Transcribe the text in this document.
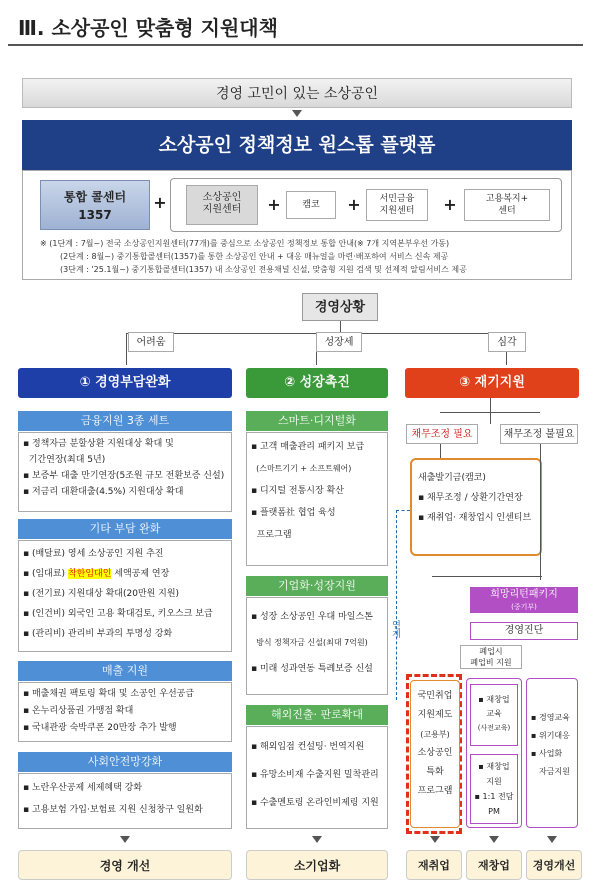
Ⅲ. 소상공인 맞춤형 지원대책
경영 고민이 있는 소상공인
소상공인 정책정보 원스톱 플랫폼
통합 콜센터
1357
+	소상공인
지원센터	+	캠코	+	서민금융
지원센터	+	고용복지+
센터
※ (1단계 : 7월~) 전국 소상공인지원센터(77개)를 중심으로 소상공인 정책정보 통합 안내(※ 7개 지역본부우선 가동)
(2단계 : 8월~) 중기통합콜센터(1357)를 통한 소상공인 안내 + 대응 매뉴얼을 마련·배포하여 서비스 신속 제공
(3단계 : '25.1월~) 중기통합콜센터(1357) 내 소상공인 전용채널 신설, 맞춤형 지원 검색 및 선제적 알림서비스 제공
경영상황
어려움	성장세	심각
① 경영부담완화	② 성장촉진	③ 재기지원
금융지원 3종 세트
▪ 정책자금 분할상환 지원대상 확대 및
기간연장(최대 5년)
▪ 보증부 대출 만기연장(5조원 규모 전환보증 신설)
▪ 저금리 대환대출(4.5%) 지원대상 확대
기타 부담 완화
▪ (배달료) 영세 소상공인 지원 추진
▪ (임대료) 착한임대인 세액공제 연장
▪ (전기료) 지원대상 확대(20만원 지원)
▪ (인건비) 외국인 고용 확대검토, 키오스크 보급
▪ (관리비) 관리비 부과의 투명성 강화
매출 지원
▪ 매출채권 팩토링 확대 및 소공인 우선공급
▪ 온누리상품권 가맹점 확대
▪ 국내관광 숙박쿠폰 20만장 추가 발행
사회안전망강화
▪ 노란우산공제 세제혜택 강화
▪ 고용보험 가입·보험료 지원 신청창구 일원화
경영 개선
스마트·디지털화
▪ 고객 매출관리 패키지 보급
(스마트기기 + 소프트웨어)
▪ 디지털 전통시장 확산
▪ 플랫폼社 협업 육성
프로그램
기업화·성장지원
▪ 성장 소상공인 우대 마일스톤
방식 정책자금 신설(최대 7억원)
▪ 미래 성과연동 특례보증 신설
해외진출· 판로확대
▪ 해외입점 컨설팅· 번역지원
▪ 유망소비재 수출지원 밀착관리
▪ 수출멘토링 온라인비제링 지원
소기업화
채무조정 필요	채무조정 불필요
새출발기금(캠코)
▪ 채무조정 / 상환기간연장
▪ 재취업· 재창업시 인센티브
연계
희망리턴패키지
(중기부)
경영진단
폐업시
폐업비 지원
국민취업
지원제도
(고용부)
소상공인
특화
프로그램
▪ 재창업
교육
(사전교육)
▪ 재창업
지원
▪ 1:1 전담
PM
▪ 경영교육
▪ 위기대응
▪ 사업화
자금지원
재취업	재창업	경영개선
